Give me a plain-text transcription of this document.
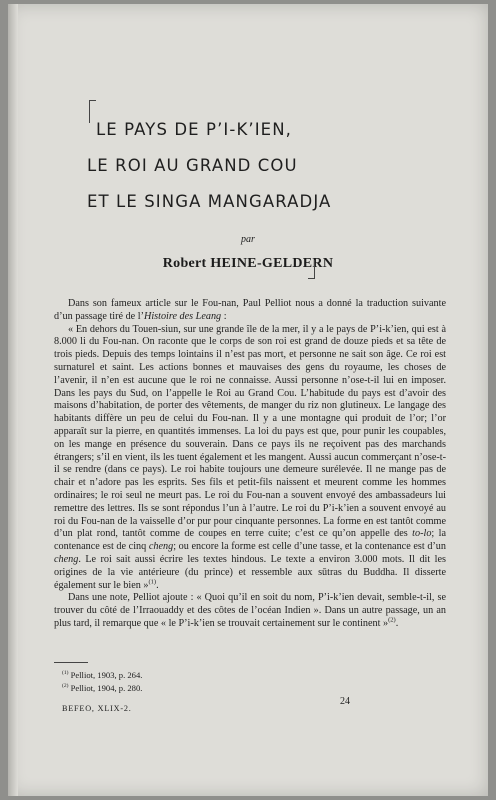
LE PAYS DE P’I-K’IEN,
LE ROI AU GRAND COU
ET LE SINGA MANGARADJA
par
Robert HEINE-GELDERN

Dans son fameux article sur le Fou-nan, Paul Pelliot nous a donné la traduction suivante d’un passage tiré de l’Histoire des Leang :

« En dehors du Touen-siun, sur une grande île de la mer, il y a le pays de P’i-k’ien, qui est à 8.000 li du Fou-nan. On raconte que le corps de son roi est grand de douze pieds et sa tête de trois pieds. Depuis des temps lointains il n’est pas mort, et personne ne sait son âge. Ce roi est surnaturel et saint. Les actions bonnes et mauvaises des gens du royaume, les choses de l’avenir, il n’en est aucune que le roi ne connaisse. Aussi personne n’ose-t-il lui en imposer. Dans les pays du Sud, on l’appelle le Roi au Grand Cou. L’habitude du pays est d’avoir des maisons d’habitation, de porter des vêtements, de manger du riz non glutineux. Le langage des habitants diffère un peu de celui du Fou-nan. Il y a une montagne qui produit de l’or; l’or apparaît sur la pierre, en quantités immenses. La loi du pays est que, pour punir les coupables, on les mange en présence du souverain. Dans ce pays ils ne reçoivent pas des marchands étrangers; s’il en vient, ils les tuent également et les mangent. Aussi aucun commerçant n’ose-t-il se rendre (dans ce pays). Le roi habite toujours une demeure surélevée. Il ne mange pas de chair et n’adore pas les esprits. Ses fils et petit-fils naissent et meurent comme les hommes ordinaires; le roi seul ne meurt pas. Le roi du Fou-nan a souvent envoyé des ambassadeurs lui remettre des lettres. Ils se sont répondus l’un à l’autre. Le roi du P’i-k’ien a souvent envoyé au roi du Fou-nan de la vaisselle d’or pur pour cinquante personnes. La forme en est tantôt comme d’un plat rond, tantôt comme de coupes en terre cuite; c’est ce qu’on appelle des to-lo; la contenance est de cinq cheng; ou encore la forme est celle d’une tasse, et la contenance est d’un cheng. Le roi sait aussi écrire les textes hindous. Le texte a environ 3.000 mots. Il dit les origines de la vie antérieure (du prince) et ressemble aux sūtras du Buddha. Il disserte également sur le bien »$^{(1)}$.

Dans une note, Pelliot ajoute : « Quoi qu’il en soit du nom, P’i-k’ien devait, semble-t-il, se trouver du côté de l’Irraouaddy et des côtes de l’océan Indien ». Dans un autre passage, un an plus tard, il remarque que « le P’i-k’ien se trouvait certainement sur le continent »$^{(2)}$.

$^{(1)}$ Pelliot, 1903, p. 264.
$^{(2)}$ Pelliot, 1904, p. 280.
BEFEO, XLIX-2.
24
